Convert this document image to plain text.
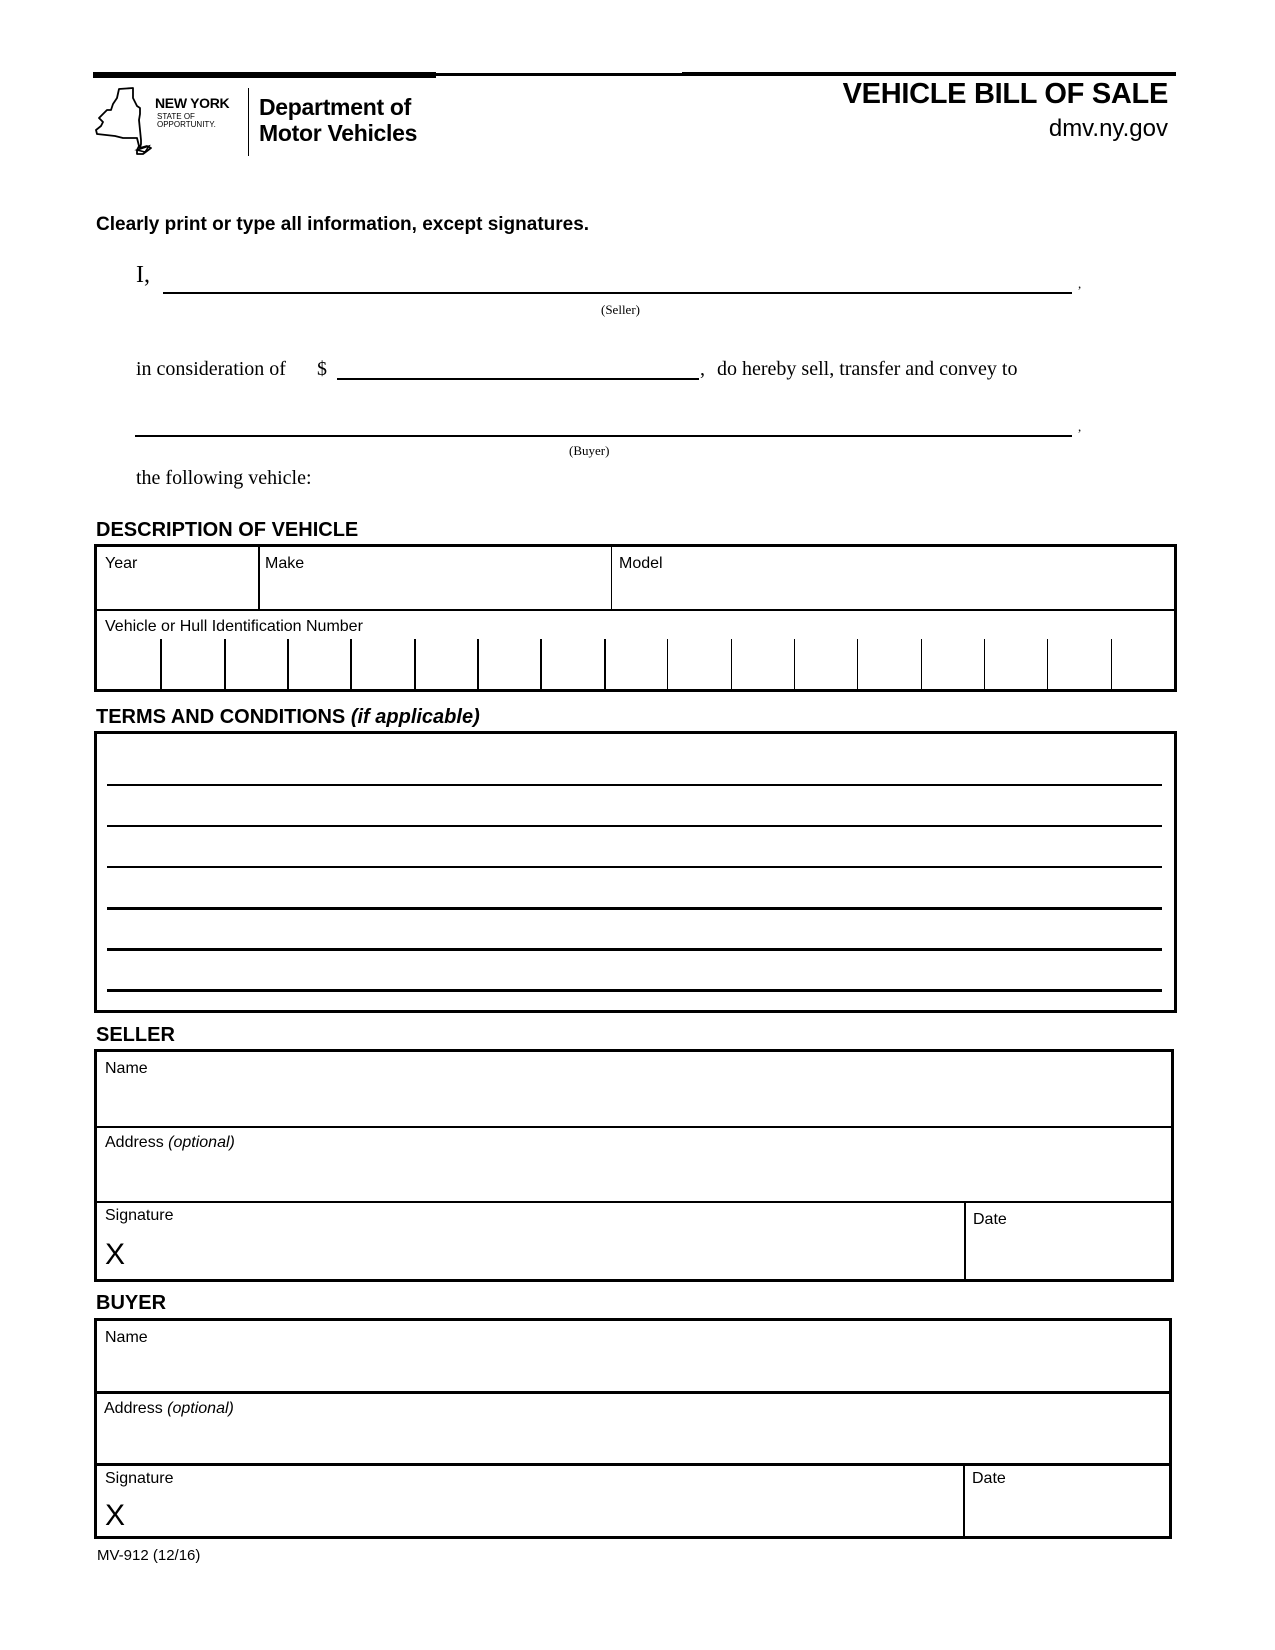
NEW YORK
STATE OF
OPPORTUNITY.
Department of
Motor Vehicles
VEHICLE BILL OF SALE
dmv.ny.gov
Clearly print or type all information, except signatures.
I,	,
(Seller)
in consideration of $	, do hereby sell, transfer and convey to
,
(Buyer)
the following vehicle:
DESCRIPTION OF VEHICLE
Year	Make	Model
Vehicle or Hull Identification Number
TERMS AND CONDITIONS (if applicable)
SELLER
Name
Address (optional)
Signature
X
Date
BUYER
Name
Address (optional)
Signature
X
Date
MV-912 (12/16)
